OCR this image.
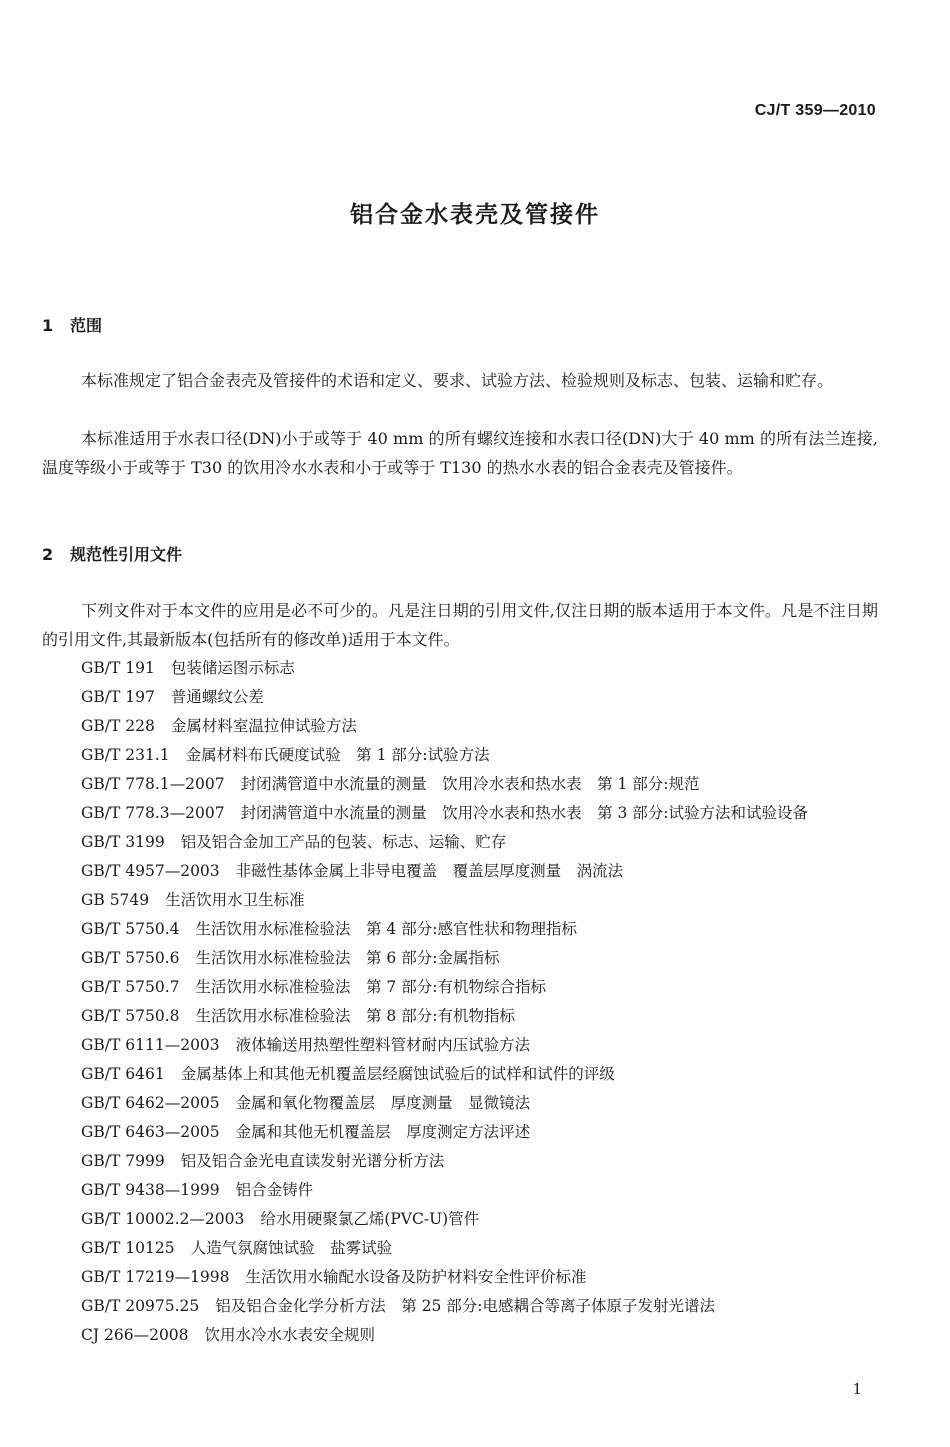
CJ/T 359—2010
铝合金水表壳及管接件
1 范围
本标准规定了铝合金表壳及管接件的术语和定义、要求、试验方法、检验规则及标志、包装、运输和贮存。
本标准适用于水表口径(DN)小于或等于 40 mm 的所有螺纹连接和水表口径(DN)大于 40 mm 的所有法兰连接,温度等级小于或等于 T30 的饮用冷水水表和小于或等于 T130 的热水水表的铝合金表壳及管接件。
2 规范性引用文件
下列文件对于本文件的应用是必不可少的。凡是注日期的引用文件,仅注日期的版本适用于本文件。凡是不注日期的引用文件,其最新版本(包括所有的修改单)适用于本文件。
GB/T 191 包装储运图示标志
GB/T 197 普通螺纹公差
GB/T 228 金属材料室温拉伸试验方法
GB/T 231.1 金属材料布氏硬度试验　第 1 部分:试验方法
GB/T 778.1—2007 封闭满管道中水流量的测量　饮用冷水表和热水表　第 1 部分:规范
GB/T 778.3—2007 封闭满管道中水流量的测量　饮用冷水表和热水表　第 3 部分:试验方法和试验设备
GB/T 3199 铝及铝合金加工产品的包装、标志、运输、贮存
GB/T 4957—2003 非磁性基体金属上非导电覆盖　覆盖层厚度测量　涡流法
GB 5749 生活饮用水卫生标准
GB/T 5750.4 生活饮用水标准检验法　第 4 部分:感官性状和物理指标
GB/T 5750.6 生活饮用水标准检验法　第 6 部分:金属指标
GB/T 5750.7 生活饮用水标准检验法　第 7 部分:有机物综合指标
GB/T 5750.8 生活饮用水标准检验法　第 8 部分:有机物指标
GB/T 6111—2003 液体输送用热塑性塑料管材耐内压试验方法
GB/T 6461 金属基体上和其他无机覆盖层经腐蚀试验后的试样和试件的评级
GB/T 6462—2005 金属和氧化物覆盖层　厚度测量　显微镜法
GB/T 6463—2005 金属和其他无机覆盖层　厚度测定方法评述
GB/T 7999 铝及铝合金光电直读发射光谱分析方法
GB/T 9438—1999 铝合金铸件
GB/T 10002.2—2003 给水用硬聚氯乙烯(PVC-U)管件
GB/T 10125 人造气氛腐蚀试验　盐雾试验
GB/T 17219—1998 生活饮用水输配水设备及防护材料安全性评价标准
GB/T 20975.25 铝及铝合金化学分析方法　第 25 部分:电感耦合等离子体原子发射光谱法
CJ 266—2008 饮用水冷水水表安全规则
1
